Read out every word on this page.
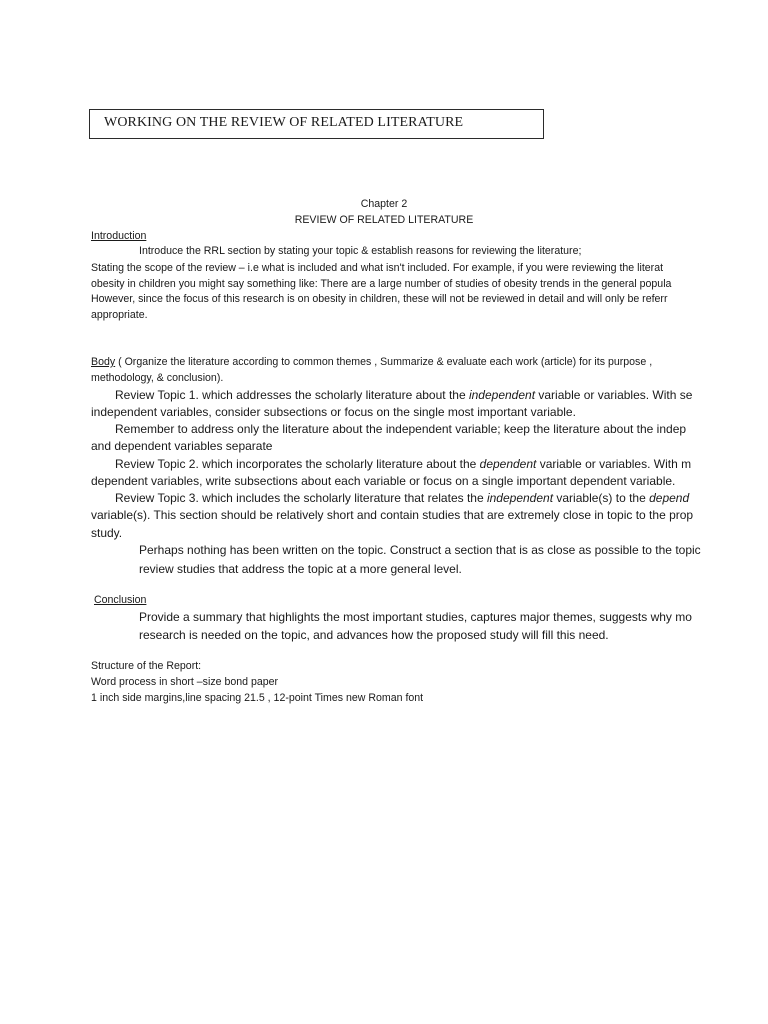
WORKING ON THE REVIEW OF RELATED LITERATURE
Chapter 2
REVIEW OF RELATED LITERATURE
Introduction
Introduce the RRL section by stating your topic & establish reasons for reviewing the literature;
Stating the scope of the review – i.e what is included and what isn't included. For example, if you were reviewing the literat
obesity in children you might say something like: There are a large number of studies of obesity trends in the general popula
However, since the focus of this research is on obesity in children, these will not be reviewed in detail and will only be referr
appropriate.
Body ( Organize the literature according to common themes , Summarize & evaluate each work (article) for its purpose ,
methodology, & conclusion).
Review Topic 1. which addresses the scholarly literature about the independent variable or variables. With se
independent variables, consider subsections or focus on the single most important variable.
Remember to address only the literature about the independent variable; keep the literature about the indep
and dependent variables separate
Review Topic 2. which incorporates the scholarly literature about the dependent variable or variables. With m
dependent variables, write subsections about each variable or focus on a single important dependent variable.
Review Topic 3. which includes the scholarly literature that relates the independent variable(s) to the depend
variable(s). This section should be relatively short and contain studies that are extremely close in topic to the prop
study.
Perhaps nothing has been written on the topic. Construct a section that is as close as possible to the topic
review studies that address the topic at a more general level.
Conclusion
Provide a summary that highlights the most important studies, captures major themes, suggests why mo
research is needed on the topic, and advances how the proposed study will fill this need.
Structure of the Report:
Word process in short –size bond paper
1 inch side margins,line spacing 21.5 , 12-point Times new Roman font
